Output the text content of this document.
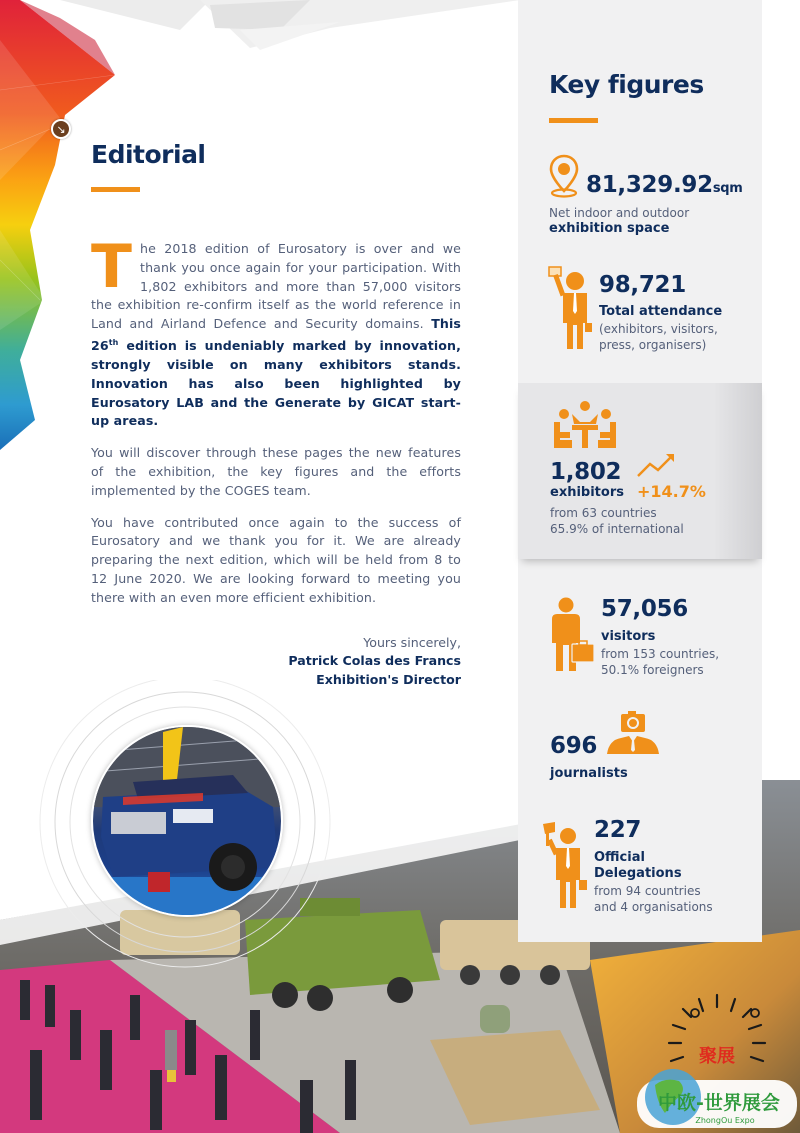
↘
Editorial

The 2018 edition of Eurosatory is over and we thank you once again for your participation. With 1,802 exhibitors and more than 57,000 visitors the exhibition re-confirm itself as the world reference in Land and Airland Defence and Security domains. This 26th edition is undeniably marked by innovation, strongly visible on many exhibitors stands. Innovation has also been highlighted by Eurosatory LAB and the Generate by GICAT start-up areas.

You will discover through these pages the new features of the exhibition, the key figures and the efforts implemented by the COGES team.

You have contributed once again to the success of Eurosatory and we thank you for it. We are already preparing the next edition, which will be held from 8 to 12 June 2020. We are looking forward to meeting you there with an even more efficient exhibition.

Yours sincerely,
Patrick Colas des Francs
Exhibition's Director
Key figures
81,329.92sqm
Net indoor and outdoor
exhibition space
98,721
Total attendance
(exhibitors, visitors,
press, organisers)
1,802
exhibitors +14.7%
from 63 countries
65.9% of international
57,056
visitors
from 153 countries,
50.1% foreigners
696
journalists
227
Official
Delegations
from 94 countries
and 4 organisations
聚展
中欧-世界展会
ZhongOu Expo
